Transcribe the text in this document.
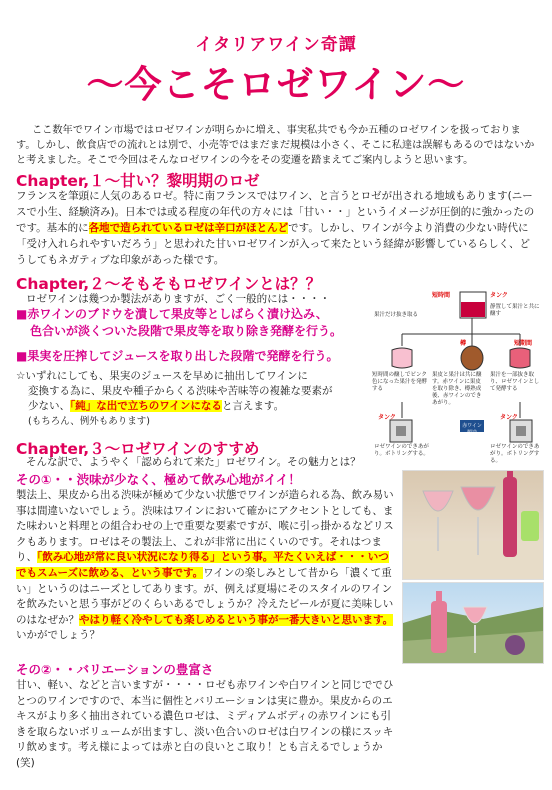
イタリアワイン奇譚
～今こそロゼワイン～
ここ数年でワイン市場ではロゼワインが明らかに増え、事実私共でも今か五種のロゼワインを扱っております。しかし、飲食店での流れとは別で、小売等ではまだまだ規模は小さく、そこに私達は誤解もあるのではないかと考えました。そこで今回はそんなロゼワインの今をその変遷を踏まえてご案内しようと思います。
Chapter,１～甘い？黎明期のロゼ
フランスを筆頭に人気のあるロゼ。特に南フランスではワイン、と言うとロゼが出される地域もあります(ニースで小生、経験済み)。日本では或る程度の年代の方々には「甘い・・」というイメージが圧倒的に強かったのです。基本的に各地で造られているロゼは辛口がほとんどです。しかし、ワインが今より消費の少ない時代に「受け入れられやすいだろう」と思われた甘いロゼワインが入って来たという経緯が影響しているらしく、どうしてもネガティブな印象があった様です。
Chapter,２～そもそもロゼワインとは？？
ロゼワインは幾つか製法がありますが、ごく一般的には・・・・
■赤ワインのブドウを潰して果皮等としばらく漬け込み、
色合いが淡くついた段階で果皮等を取り除き発酵を行う。
■果実を圧搾してジュースを取り出した段階で発酵を行う。
☆いずれにしても、果実のジュースを早めに抽出してワインに
変換する為に、果皮や種子からくる渋味や苦味等の複雑な要素が
少ない、「純」な出で立ちのワインになると言えます。
(もちろん、例外もあります)
短時間	タンク
静置して果汁と共に醸す
果汁だけ抜き取る
樽	短期間
短時間の醸しでピンク色になった果汁を発酵する
果皮と果汁は共に醸す。赤ワインに果皮を取り除き、樽熟成後、赤ワインのできあがり。
果汁を一部抜き取り、ロゼワインとして発酵する
タンク	タンク
赤ワイン製造
ロゼワインのできあがり。ボトリングする。
ロゼワインのできあがり。ボトリングする。
Chapter,３～ロゼワインのすすめ
そんな訳で、ようやく「認められて来た」ロゼワイン。その魅力とは？
その①・・渋味が少なく、極めて飲み心地がイイ！
製法上、果皮から出る渋味が極めて少ない状態でワインが造られる為、飲み易い事は間違いないでしょう。渋味はワインにおいて確かにアクセントとしても、また味わいと料理との組合わせの上で重要な要素ですが、喉に引っ掛かるなどリスクもあります。ロゼはその製法上、これが非常に出にくいのです。それはつまり、「飲み心地が常に良い状況になり得る」という事。平たくいえば・・・いつでもスムーズに飲める、という事です。ワインの楽しみとして昔から「濃くて重い」というのはニーズとしてあります。が、例えば夏場にそのスタイルのワインを飲みたいと思う事がどのくらいあるでしょうか？冷えたビールが夏に美味しいのはなぜか？やはり軽く冷やしても楽しめるという事が一番大きいと思います。いかがでしょう？
その②・・バリエーションの豊富さ
甘い、軽い、などと言いますが・・・・ロゼも赤ワインや白ワインと同じででひとつのワインですので、本当に個性とバリエーションは実に豊か。果皮からのエキスがより多く抽出されている濃色ロゼは、ミディアムボディの赤ワインにも引きを取らないボリュームが出ますし、淡い色合いのロゼは白ワインの様にスッキリ飲めます。考え様によっては赤と白の良いとこ取り！とも言えるでしょうか(笑)
